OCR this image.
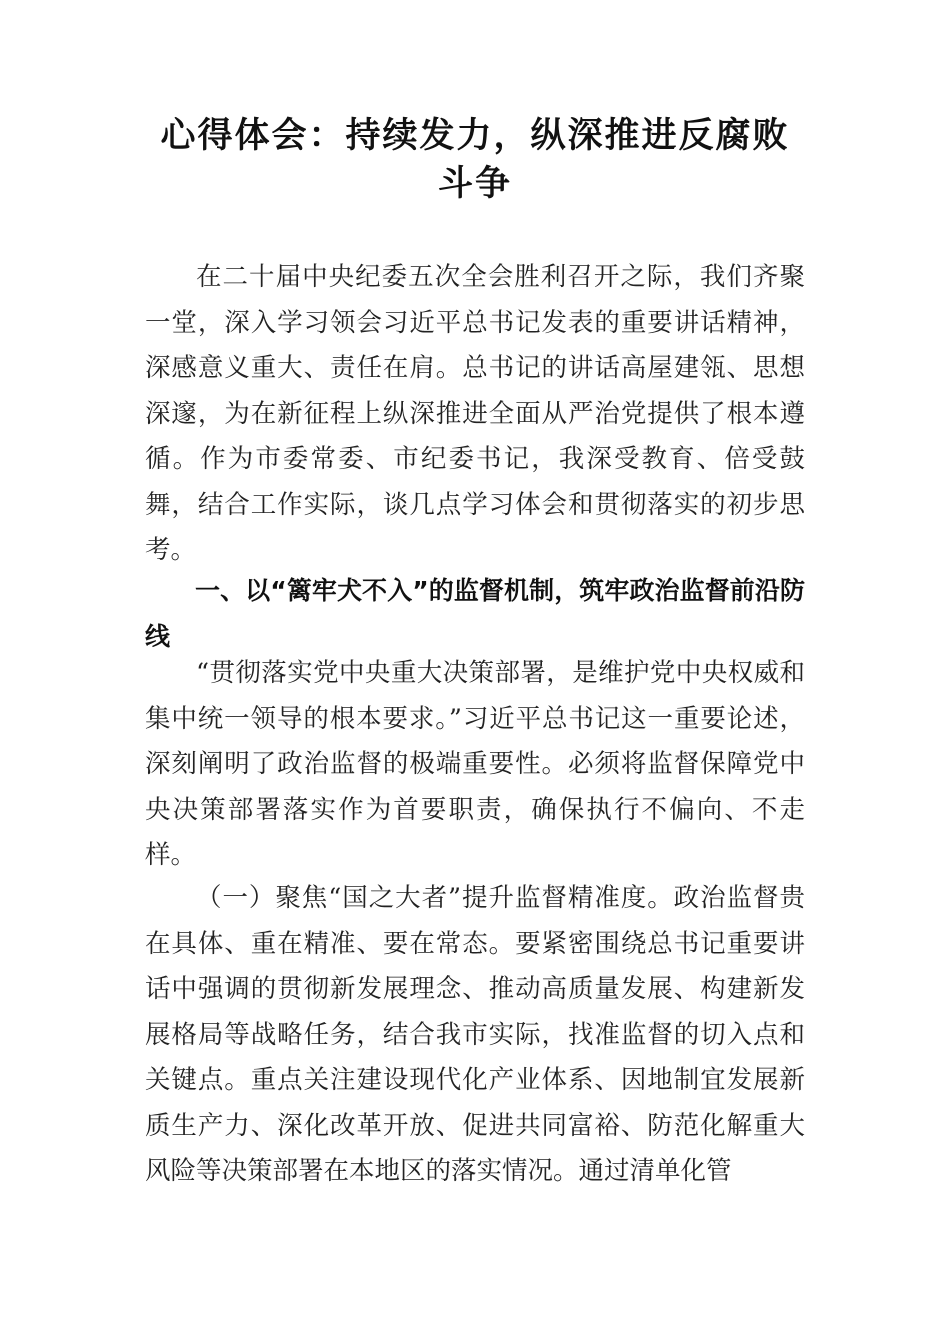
心得体会：持续发力，纵深推进反腐败斗争

在二十届中央纪委五次全会胜利召开之际，我们齐聚一堂，深入学习领会习近平总书记发表的重要讲话精神，深感意义重大、责任在肩。总书记的讲话高屋建瓴、思想深邃，为在新征程上纵深推进全面从严治党提供了根本遵循。作为市委常委、市纪委书记，我深受教育、倍受鼓舞，结合工作实际，谈几点学习体会和贯彻落实的初步思考。

一、以“篱牢犬不入”的监督机制，筑牢政治监督前沿防线

“贯彻落实党中央重大决策部署，是维护党中央权威和集中统一领导的根本要求。”习近平总书记这一重要论述，深刻阐明了政治监督的极端重要性。必须将监督保障党中央决策部署落实作为首要职责，确保执行不偏向、不走样。

（一）聚焦“国之大者”提升监督精准度。政治监督贵在具体、重在精准、要在常态。要紧密围绕总书记重要讲话中强调的贯彻新发展理念、推动高质量发展、构建新发展格局等战略任务，结合我市实际，找准监督的切入点和关键点。重点关注建设现代化产业体系、因地制宜发展新质生产力、深化改革开放、促进共同富裕、防范化解重大风险等决策部署在本地区的落实情况。通过清单化管
